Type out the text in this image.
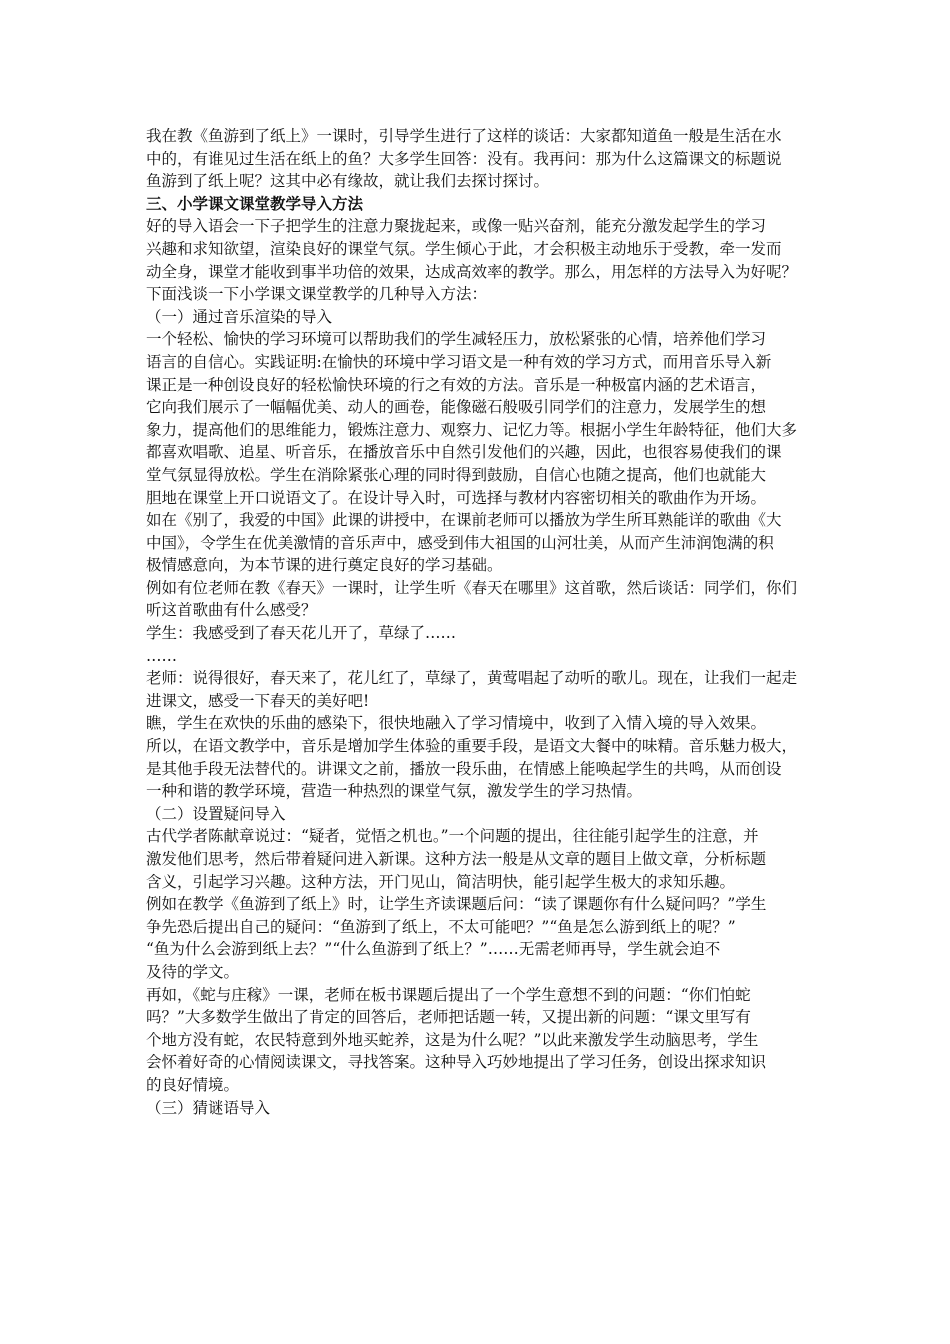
我在教《鱼游到了纸上》一课时，引导学生进行了这样的谈话：大家都知道鱼一般是生活在水
中的，有谁见过生活在纸上的鱼？大多学生回答：没有。我再问：那为什么这篇课文的标题说
鱼游到了纸上呢？这其中必有缘故，就让我们去探讨探讨。
三、小学课文课堂教学导入方法
好的导入语会一下子把学生的注意力聚拢起来，或像一贴兴奋剂，能充分激发起学生的学习
兴趣和求知欲望，渲染良好的课堂气氛。学生倾心于此，才会积极主动地乐于受教，牵一发而
动全身，课堂才能收到事半功倍的效果，达成高效率的教学。那么，用怎样的方法导入为好呢？
下面浅谈一下小学课文课堂教学的几种导入方法：
（一）通过音乐渲染的导入
一个轻松、愉快的学习环境可以帮助我们的学生减轻压力，放松紧张的心情，培养他们学习
语言的自信心。实践证明:在愉快的环境中学习语文是一种有效的学习方式，而用音乐导入新
课正是一种创设良好的轻松愉快环境的行之有效的方法。音乐是一种极富内涵的艺术语言，
它向我们展示了一幅幅优美、动人的画卷，能像磁石般吸引同学们的注意力，发展学生的想
象力，提高他们的思维能力，锻炼注意力、观察力、记忆力等。根据小学生年龄特征，他们大多
都喜欢唱歌、追星、听音乐，在播放音乐中自然引发他们的兴趣，因此，也很容易使我们的课
堂气氛显得放松。学生在消除紧张心理的同时得到鼓励，自信心也随之提高，他们也就能大
胆地在课堂上开口说语文了。在设计导入时，可选择与教材内容密切相关的歌曲作为开场。
如在《别了，我爱的中国》此课的讲授中，在课前老师可以播放为学生所耳熟能详的歌曲《大
中国》，令学生在优美激情的音乐声中，感受到伟大祖国的山河壮美，从而产生沛润饱满的积
极情感意向，为本节课的进行奠定良好的学习基础。
例如有位老师在教《春天》一课时，让学生听《春天在哪里》这首歌，然后谈话：同学们，你们
听这首歌曲有什么感受？
学生：我感受到了春天花儿开了，草绿了……
……
老师：说得很好，春天来了，花儿红了，草绿了，黄莺唱起了动听的歌儿。现在，让我们一起走
进课文，感受一下春天的美好吧!
瞧，学生在欢快的乐曲的感染下，很快地融入了学习情境中，收到了入情入境的导入效果。
所以，在语文教学中，音乐是增加学生体验的重要手段，是语文大餐中的味精。音乐魅力极大，
是其他手段无法替代的。讲课文之前，播放一段乐曲，在情感上能唤起学生的共鸣，从而创设
一种和谐的教学环境，营造一种热烈的课堂气氛，激发学生的学习热情。
（二）设置疑问导入
古代学者陈献章说过：“疑者，觉悟之机也。”一个问题的提出，往往能引起学生的注意，并
激发他们思考，然后带着疑问进入新课。这种方法一般是从文章的题目上做文章，分析标题
含义，引起学习兴趣。这种方法，开门见山，简洁明快，能引起学生极大的求知乐趣。
例如在教学《鱼游到了纸上》时，让学生齐读课题后问：“读了课题你有什么疑问吗？”学生
争先恐后提出自己的疑问：“鱼游到了纸上，不太可能吧？”“鱼是怎么游到纸上的呢？”
“鱼为什么会游到纸上去？”“什么鱼游到了纸上？”……无需老师再导，学生就会迫不
及待的学文。
再如，《蛇与庄稼》一课，老师在板书课题后提出了一个学生意想不到的问题：“你们怕蛇
吗？”大多数学生做出了肯定的回答后，老师把话题一转，又提出新的问题：“课文里写有
个地方没有蛇，农民特意到外地买蛇养，这是为什么呢？”以此来激发学生动脑思考，学生
会怀着好奇的心情阅读课文，寻找答案。这种导入巧妙地提出了学习任务，创设出探求知识
的良好情境。
（三）猜谜语导入
